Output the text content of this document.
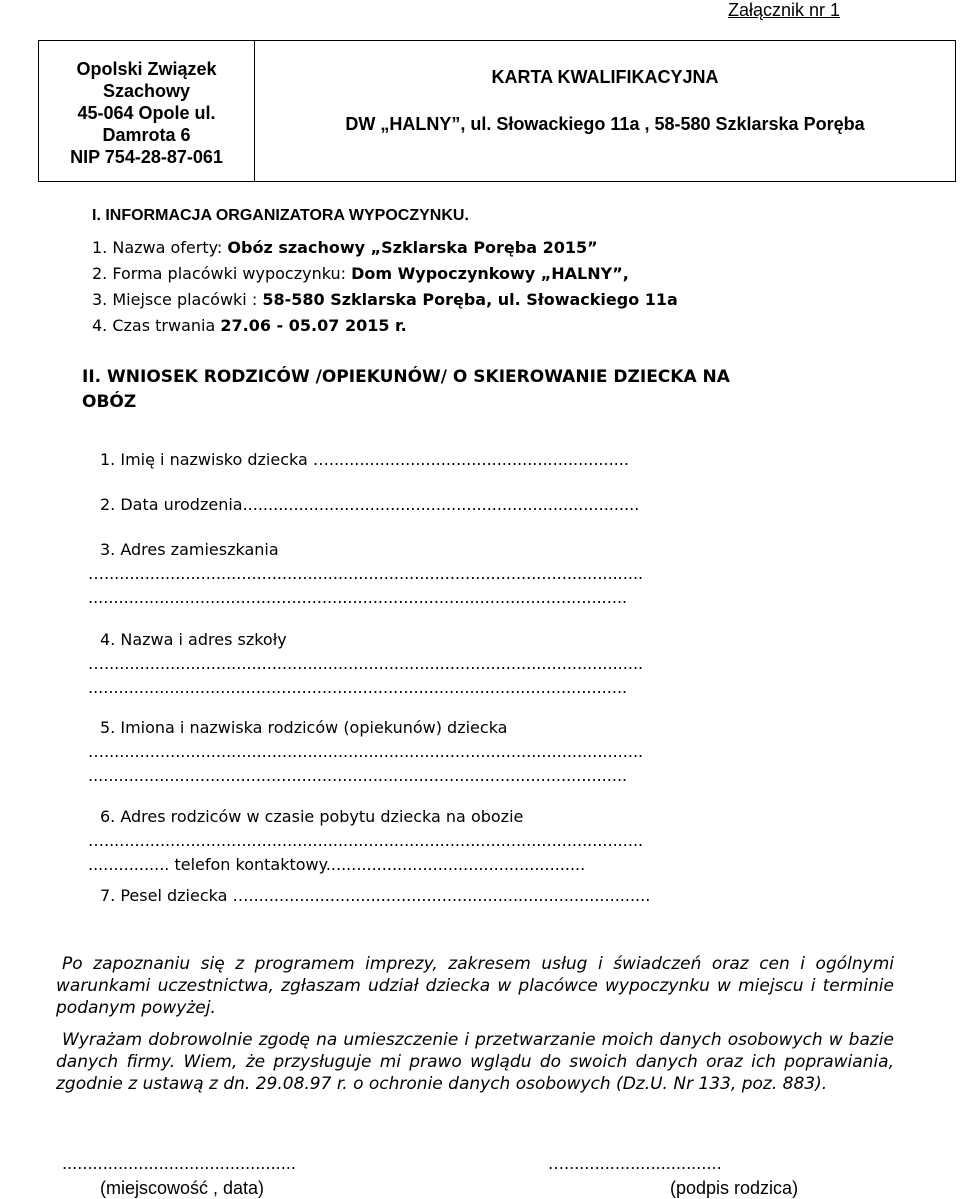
Załącznik nr 1
Opolski Związek
Szachowy
45-064 Opole ul.
Damrota 6
NIP 754-28-87-061
KARTA KWALIFIKACYJNA
DW „HALNY”, ul. Słowackiego 11a , 58-580 Szklarska Poręba
I. INFORMACJA ORGANIZATORA WYPOCZYNKU.
1. Nazwa oferty: Obóz szachowy „Szklarska Poręba 2015”
2. Forma placówki wypoczynku: Dom Wypoczynkowy „HALNY”,
3. Miejsce placówki : 58-580 Szklarska Poręba, ul. Słowackiego 11a
4. Czas trwania 27.06 - 05.07 2015 r.
II. WNIOSEK RODZICÓW /OPIEKUNÓW/ O SKIEROWANIE DZIECKA NA
OBÓZ
1. Imię i nazwisko dziecka …...........................................................
2. Data urodzenia..............................................................................
3. Adres zamieszkania
…..........................................................................................................
..........................................................................................................
4. Nazwa i adres szkoły
…..........................................................................................................
..........................................................................................................
5. Imiona i nazwiska rodziców (opiekunów) dziecka
…..........................................................................................................
..........................................................................................................
6. Adres rodziców w czasie pobytu dziecka na obozie
…..........................................................................................................
................ telefon kontaktowy...................................................
7. Pesel dziecka …...............................................................................

Po zapoznaniu się z programem imprezy, zakresem usług i świadczeń oraz cen i ogólnymi warunkami uczestnictwa, zgłaszam udział dziecka w placówce wypoczynku w miejscu i terminie podanym powyżej.

Wyrażam dobrowolnie zgodę na umieszczenie i przetwarzanie moich danych osobowych w bazie danych firmy. Wiem, że przysługuje mi prawo wglądu do swoich danych oraz ich poprawiania, zgodnie z ustawą z dn. 29.08.97 r. o ochronie danych osobowych (Dz.U. Nr 133, poz. 883).

..............................................
(miejscowość , data)
…...............................
(podpis rodzica)
